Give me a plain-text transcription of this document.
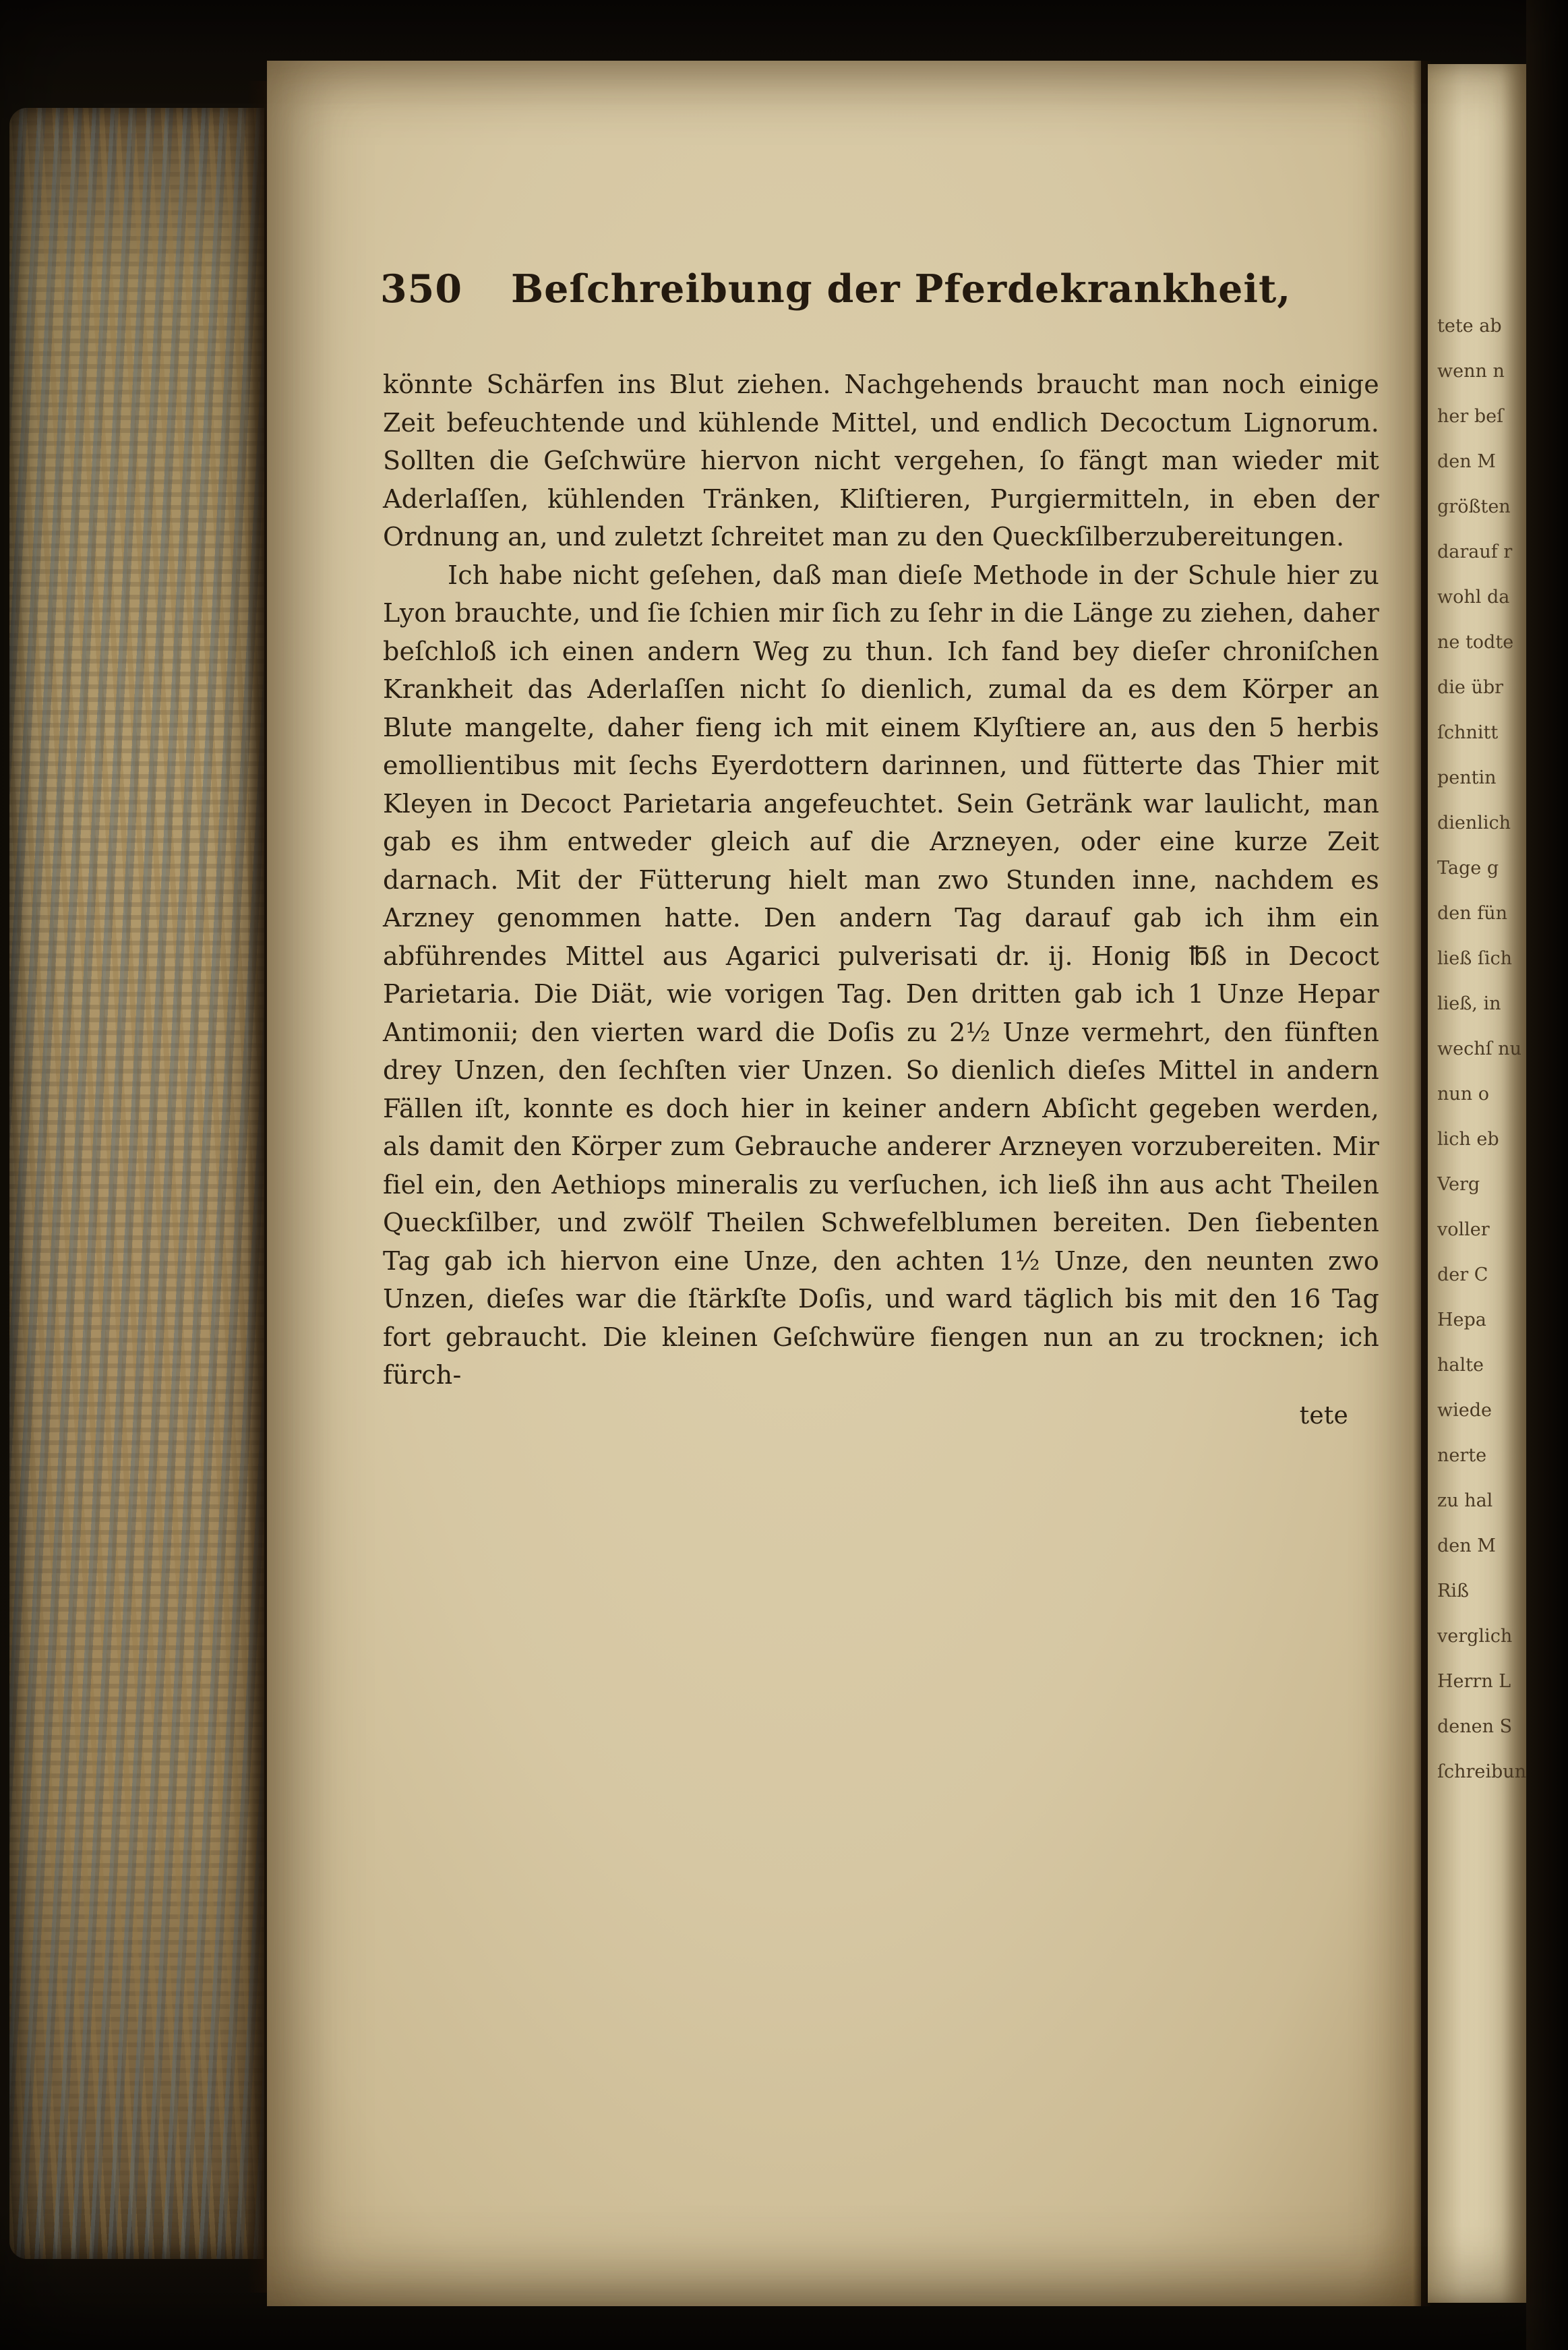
350 Beſchreibung der Pferdekrankheit,

könnte Schärfen ins Blut ziehen. Nachgehends braucht man noch einige Zeit befeuchtende und kühlende Mittel, und endlich Decoctum Lignorum. Sollten die Geſchwüre hiervon nicht vergehen, ſo fängt man wieder mit Aderlaſſen, kühlenden Tränken, Kliſtieren, Purgiermitteln, in eben der Ordnung an, und zuletzt ſchreitet man zu den Queckſilberzubereitungen.

Ich habe nicht geſehen, daß man dieſe Methode in der Schule hier zu Lyon brauchte, und ſie ſchien mir ſich zu ſehr in die Länge zu ziehen, daher beſchloß ich einen andern Weg zu thun. Ich fand bey dieſer chroniſchen Krankheit das Aderlaſſen nicht ſo dienlich, zumal da es dem Körper an Blute mangelte, daher fieng ich mit einem Klyſtiere an, aus den 5 herbis emollientibus mit ſechs Eyerdottern darinnen, und fütterte das Thier mit Kleyen in Decoct Parietaria angefeuchtet. Sein Getränk war laulicht, man gab es ihm entweder gleich auf die Arzneyen, oder eine kurze Zeit darnach. Mit der Fütterung hielt man zwo Stunden inne, nachdem es Arzney genommen hatte. Den andern Tag darauf gab ich ihm ein abführendes Mittel aus Agarici pulverisati dr. ij. Honig ℔ß in Decoct Parietaria. Die Diät, wie vorigen Tag. Den dritten gab ich 1 Unze Hepar Antimonii; den vierten ward die Doſis zu 2½ Unze vermehrt, den fünften drey Unzen, den ſechſten vier Unzen. So dienlich dieſes Mittel in andern Fällen iſt, konnte es doch hier in keiner andern Abſicht gegeben werden, als damit den Körper zum Gebrauche anderer Arzneyen vorzubereiten. Mir fiel ein, den Aethiops mineralis zu verſuchen, ich ließ ihn aus acht Theilen Queckſilber, und zwölf Theilen Schwefelblumen bereiten. Den ſiebenten Tag gab ich hiervon eine Unze, den achten 1½ Unze, den neunten zwo Unzen, dieſes war die ſtärkſte Doſis, und ward täglich bis mit den 16 Tag fort gebraucht. Die kleinen Geſchwüre fiengen nun an zu trocknen; ich fürch-

tete
tete ab
wenn n
her beſ
den M
größten
darauf r
wohl da
ne todte
die übr
ſchnitt
pentin
dienlich
Tage g
den fün
ließ ſich
ließ, in
wechſ nu
nun o
lich eb
Verg
voller
der C
Hepa
halte
wiede
nerte
zu hal
den M
Riß
verglich
Herrn L
denen S
ſchreibun
